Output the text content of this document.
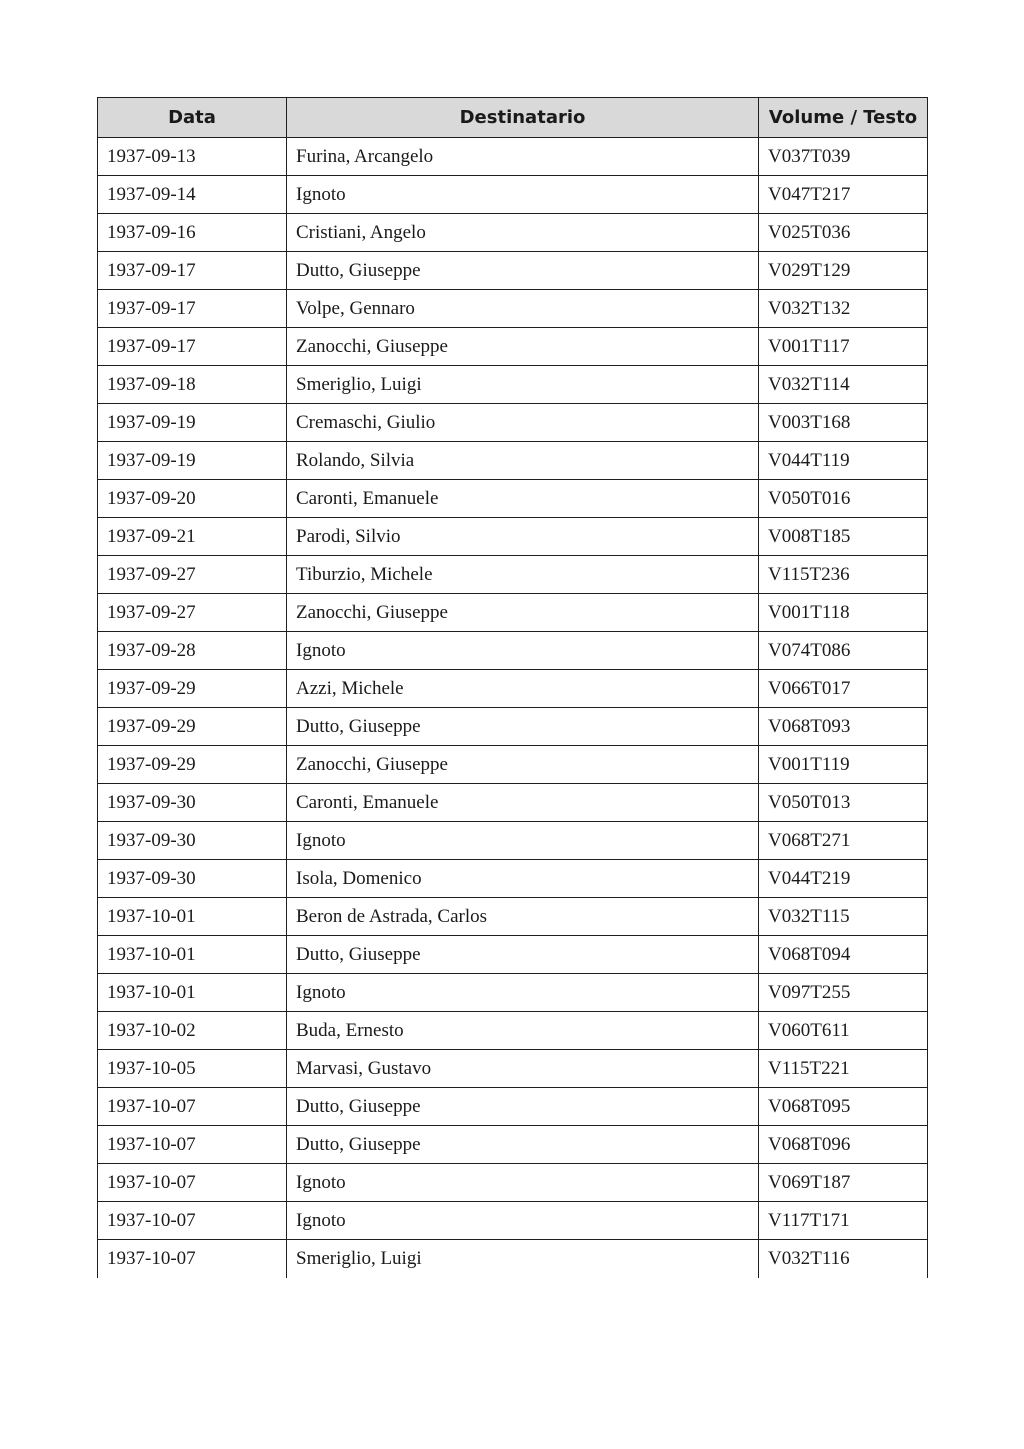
Data	Destinatario	Volume / Testo
1937-09-13	Furina, Arcangelo	V037T039
1937-09-14	Ignoto	V047T217
1937-09-16	Cristiani, Angelo	V025T036
1937-09-17	Dutto, Giuseppe	V029T129
1937-09-17	Volpe, Gennaro	V032T132
1937-09-17	Zanocchi, Giuseppe	V001T117
1937-09-18	Smeriglio, Luigi	V032T114
1937-09-19	Cremaschi, Giulio	V003T168
1937-09-19	Rolando, Silvia	V044T119
1937-09-20	Caronti, Emanuele	V050T016
1937-09-21	Parodi, Silvio	V008T185
1937-09-27	Tiburzio, Michele	V115T236
1937-09-27	Zanocchi, Giuseppe	V001T118
1937-09-28	Ignoto	V074T086
1937-09-29	Azzi, Michele	V066T017
1937-09-29	Dutto, Giuseppe	V068T093
1937-09-29	Zanocchi, Giuseppe	V001T119
1937-09-30	Caronti, Emanuele	V050T013
1937-09-30	Ignoto	V068T271
1937-09-30	Isola, Domenico	V044T219
1937-10-01	Beron de Astrada, Carlos	V032T115
1937-10-01	Dutto, Giuseppe	V068T094
1937-10-01	Ignoto	V097T255
1937-10-02	Buda, Ernesto	V060T611
1937-10-05	Marvasi, Gustavo	V115T221
1937-10-07	Dutto, Giuseppe	V068T095
1937-10-07	Dutto, Giuseppe	V068T096
1937-10-07	Ignoto	V069T187
1937-10-07	Ignoto	V117T171
1937-10-07	Smeriglio, Luigi	V032T116
